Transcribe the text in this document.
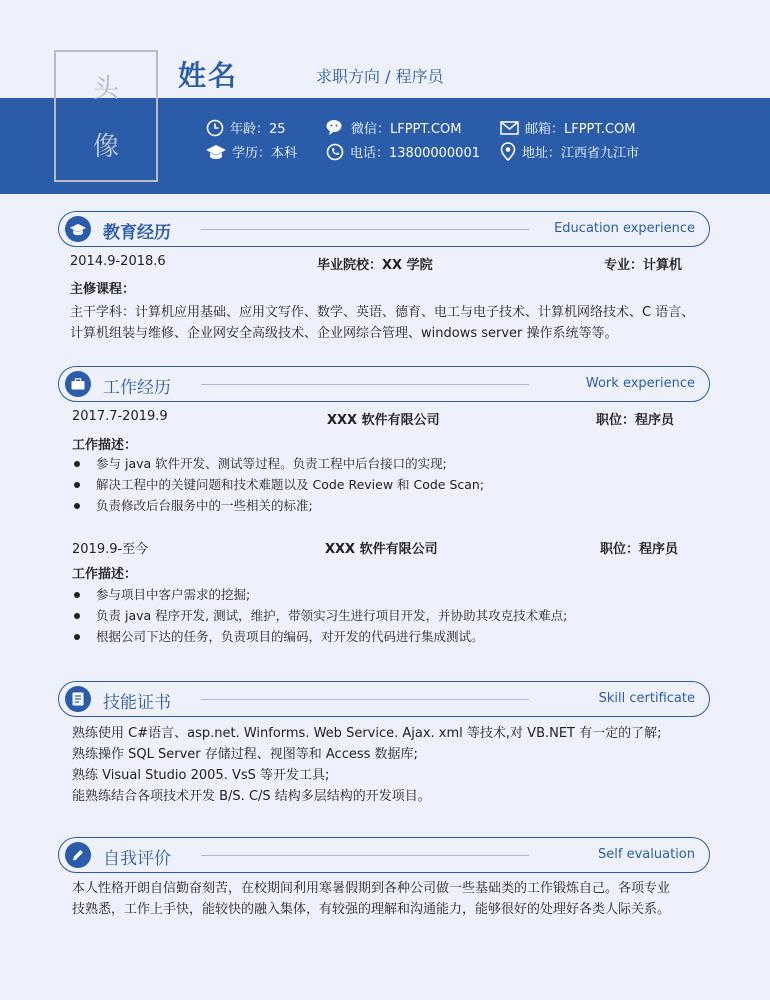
头
像
姓名	求职方向 / 程序员
年龄：25	微信：LFPPT.COM	邮箱：LFPPT.COM
学历：本科	电话：13800000001	地址：江西省九江市
教育经历	Education experience
2014.9-2018.6	毕业院校：XX 学院	专业：计算机
主修课程：
主干学科：计算机应用基础、应用文写作、数学、英语、德育、电工与电子技术、计算机网络技术、C 语言、
计算机组装与维修、企业网安全高级技术、企业网综合管理、windows server 操作系统等等。
工作经历	Work experience
2017.7-2019.9	XXX 软件有限公司	职位：程序员
工作描述：
参与 java 软件开发、测试等过程。负责工程中后台接口的实现;
解决工程中的关键问题和技术难题以及 Code Review 和 Code Scan;
负责修改后台服务中的一些相关的标准;
2019.9-至今	XXX 软件有限公司	职位：程序员
工作描述：
参与项目中客户需求的挖掘;
负责 java 程序开发, 测试，维护，带领实习生进行项目开发，并协助其攻克技术难点;
根据公司下达的任务，负责项目的编码，对开发的代码进行集成测试。
技能证书	Skill certificate
熟练使用 C#语言、asp.net. Winforms. Web Service. Ajax. xml 等技术,对 VB.NET 有一定的了解;
熟练操作 SQL Server 存储过程、视图等和 Access 数据库;
熟练 Visual Studio 2005. VsS 等开发工具;
能熟练结合各项技术开发 B/S. C/S 结构多层结构的开发项目。
自我评价	Self evaluation
本人性格开朗自信勤奋刻苦，在校期间利用寒暑假期到各种公司做一些基础类的工作锻炼自己。各项专业
技熟悉，工作上手快，能较快的融入集体，有较强的理解和沟通能力，能够很好的处理好各类人际关系。
